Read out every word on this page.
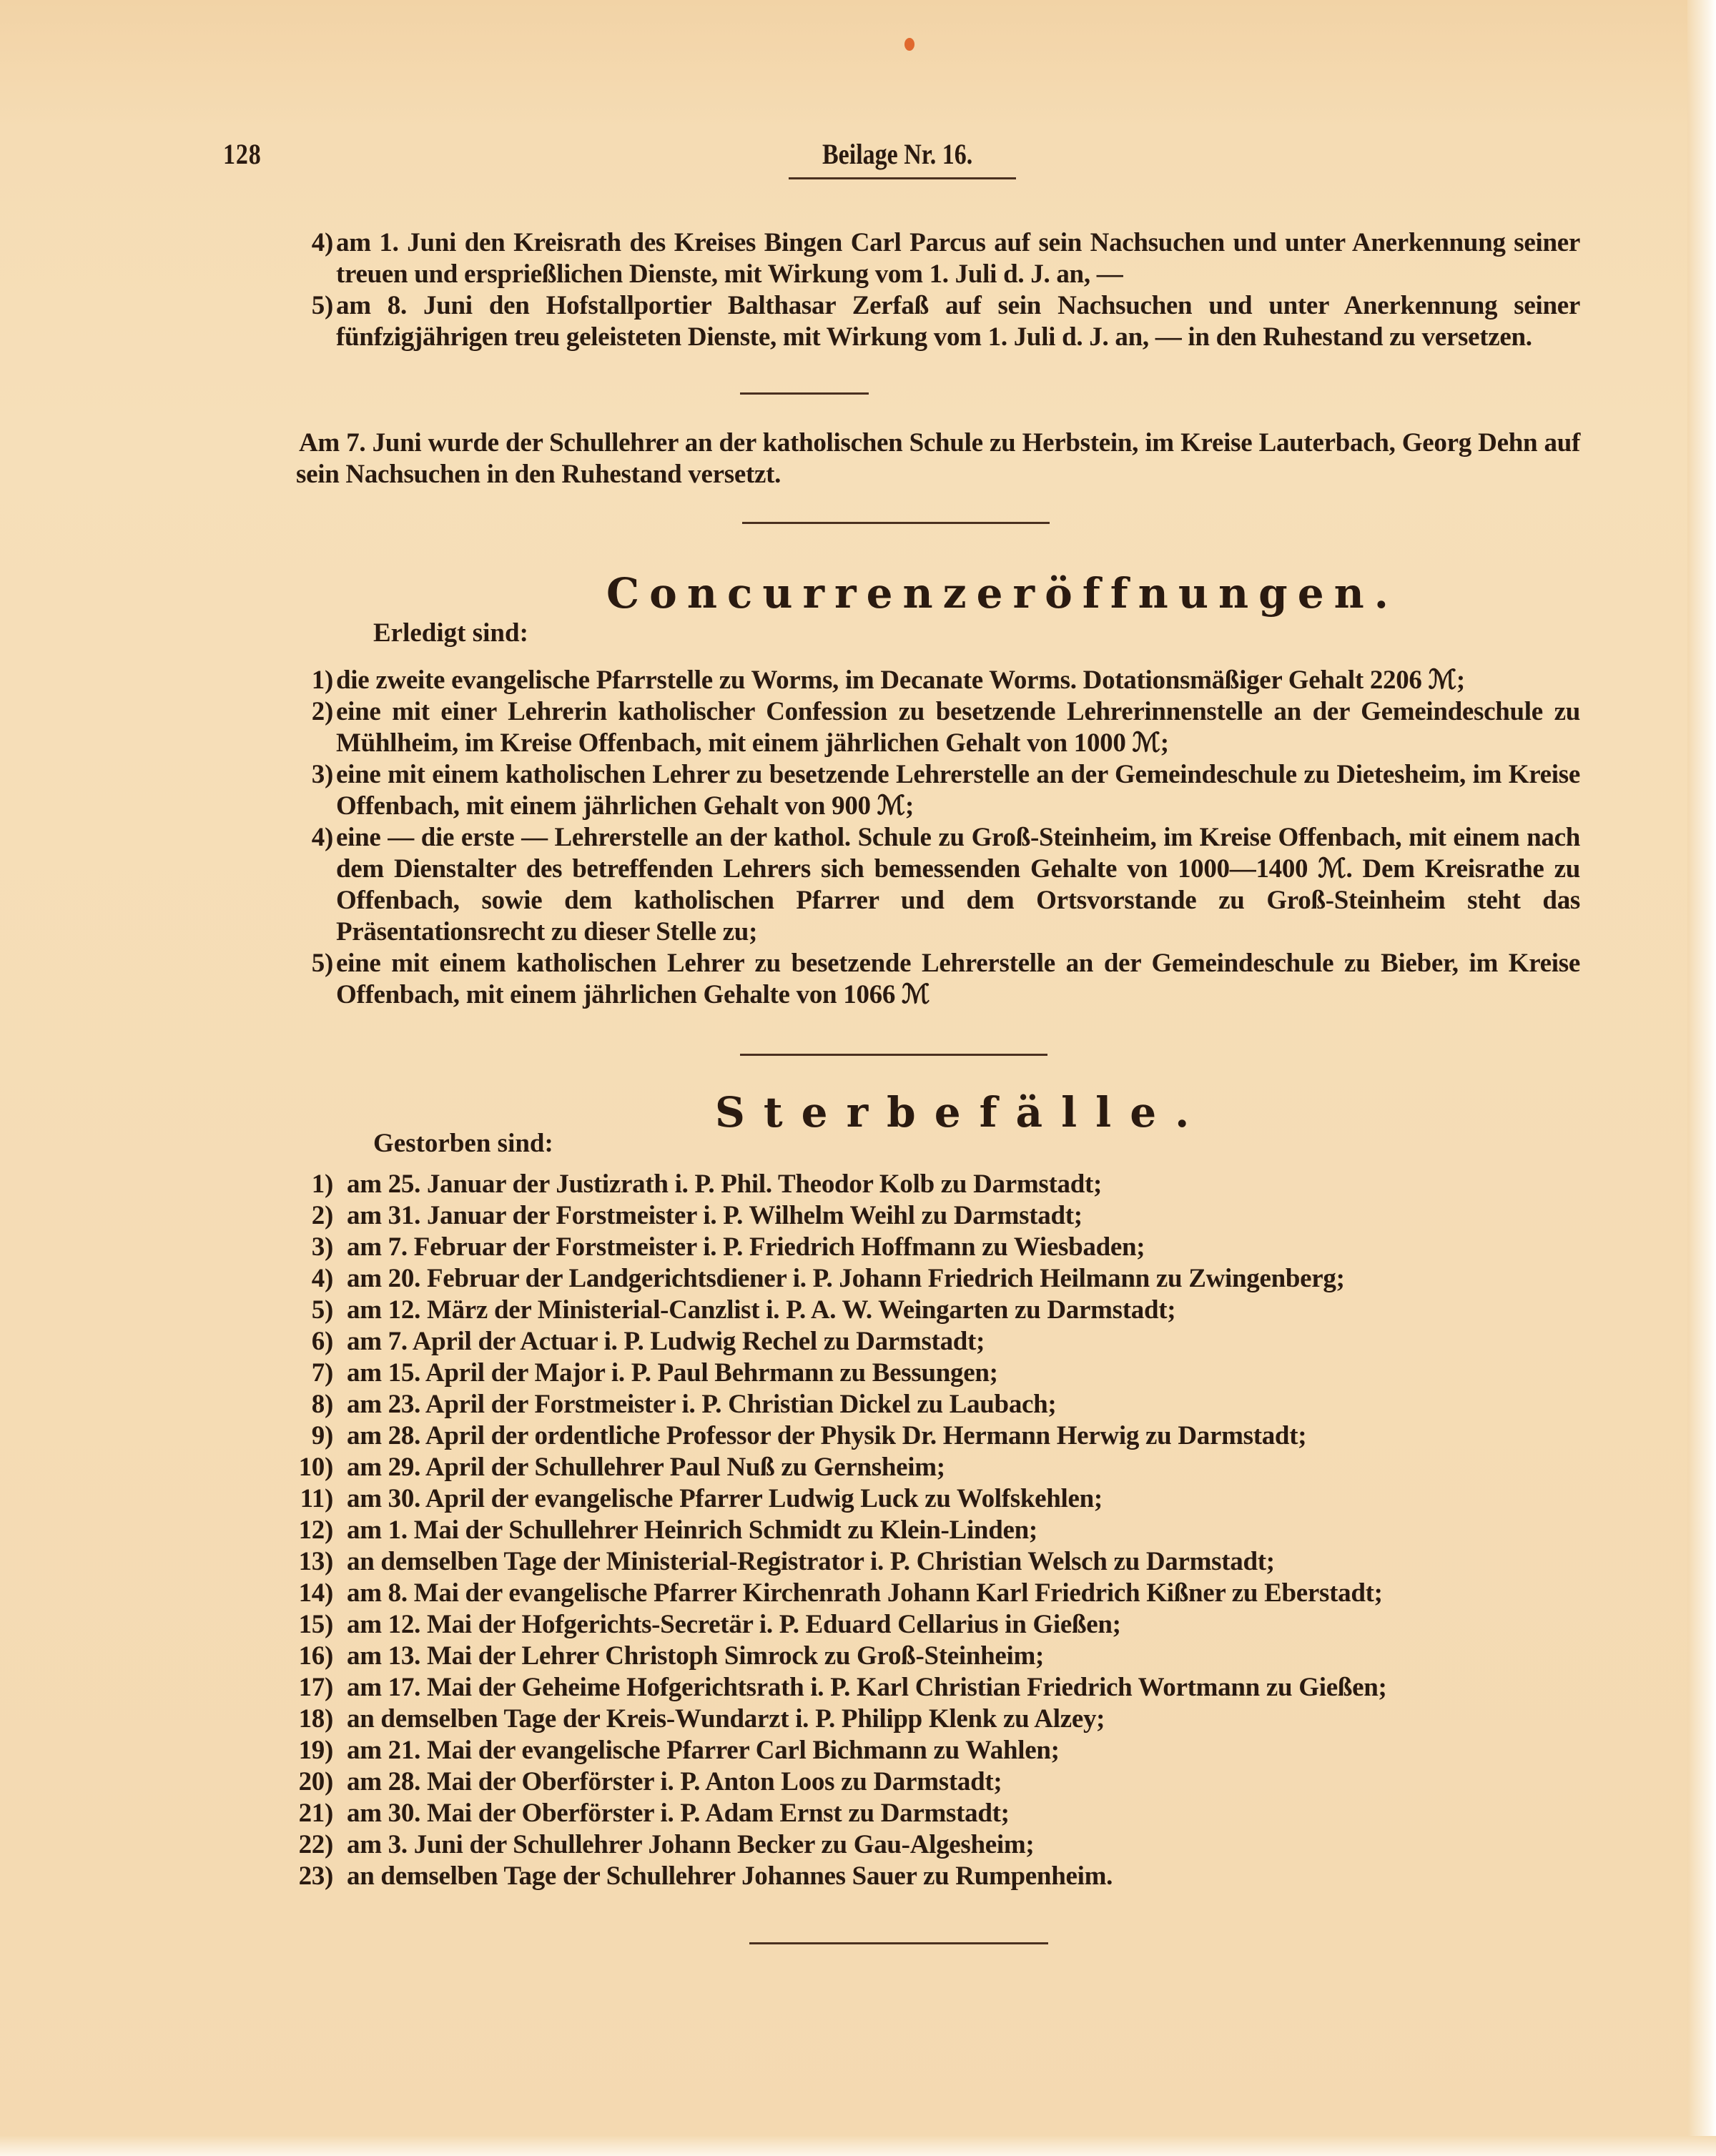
128	Beilage Nr. 16.
4) am 1. Juni den Kreisrath des Kreises Bingen Carl Parcus auf sein Nachsuchen und unter Anerkennung seiner treuen und ersprießlichen Dienste, mit Wirkung vom 1. Juli d. J. an, —
5) am 8. Juni den Hofstallportier Balthasar Zerfaß auf sein Nachsuchen und unter Anerkennung seiner fünfzigjährigen treu geleisteten Dienste, mit Wirkung vom 1. Juli d. J. an, — in den Ruhestand zu versetzen.
Am 7. Juni wurde der Schullehrer an der katholischen Schule zu Herbstein, im Kreise Lauterbach, Georg Dehn auf sein Nachsuchen in den Ruhestand versetzt.
Concurrenzeröffnungen.
Erledigt sind:
1) die zweite evangelische Pfarrstelle zu Worms, im Decanate Worms. Dotationsmäßiger Gehalt 2206 ℳ;
2) eine mit einer Lehrerin katholischer Confession zu besetzende Lehrerinnenstelle an der Gemeindeschule zu Mühlheim, im Kreise Offenbach, mit einem jährlichen Gehalt von 1000 ℳ;
3) eine mit einem katholischen Lehrer zu besetzende Lehrerstelle an der Gemeindeschule zu Dietesheim, im Kreise Offenbach, mit einem jährlichen Gehalt von 900 ℳ;
4) eine — die erste — Lehrerstelle an der kathol. Schule zu Groß-Steinheim, im Kreise Offenbach, mit einem nach dem Dienstalter des betreffenden Lehrers sich bemessenden Gehalte von 1000—1400 ℳ. Dem Kreisrathe zu Offenbach, sowie dem katholischen Pfarrer und dem Ortsvorstande zu Groß-Steinheim steht das Präsentationsrecht zu dieser Stelle zu;
5) eine mit einem katholischen Lehrer zu besetzende Lehrerstelle an der Gemeindeschule zu Bieber, im Kreise Offenbach, mit einem jährlichen Gehalte von 1066 ℳ
Sterbefälle.
Gestorben sind:
1) am 25. Januar der Justizrath i. P. Phil. Theodor Kolb zu Darmstadt;
2) am 31. Januar der Forstmeister i. P. Wilhelm Weihl zu Darmstadt;
3) am 7. Februar der Forstmeister i. P. Friedrich Hoffmann zu Wiesbaden;
4) am 20. Februar der Landgerichtsdiener i. P. Johann Friedrich Heilmann zu Zwingenberg;
5) am 12. März der Ministerial-Canzlist i. P. A. W. Weingarten zu Darmstadt;
6) am 7. April der Actuar i. P. Ludwig Rechel zu Darmstadt;
7) am 15. April der Major i. P. Paul Behrmann zu Bessungen;
8) am 23. April der Forstmeister i. P. Christian Dickel zu Laubach;
9) am 28. April der ordentliche Professor der Physik Dr. Hermann Herwig zu Darmstadt;
10) am 29. April der Schullehrer Paul Nuß zu Gernsheim;
11) am 30. April der evangelische Pfarrer Ludwig Luck zu Wolfskehlen;
12) am 1. Mai der Schullehrer Heinrich Schmidt zu Klein-Linden;
13) an demselben Tage der Ministerial-Registrator i. P. Christian Welsch zu Darmstadt;
14) am 8. Mai der evangelische Pfarrer Kirchenrath Johann Karl Friedrich Kißner zu Eberstadt;
15) am 12. Mai der Hofgerichts-Secretär i. P. Eduard Cellarius in Gießen;
16) am 13. Mai der Lehrer Christoph Simrock zu Groß-Steinheim;
17) am 17. Mai der Geheime Hofgerichtsrath i. P. Karl Christian Friedrich Wortmann zu Gießen;
18) an demselben Tage der Kreis-Wundarzt i. P. Philipp Klenk zu Alzey;
19) am 21. Mai der evangelische Pfarrer Carl Bichmann zu Wahlen;
20) am 28. Mai der Oberförster i. P. Anton Loos zu Darmstadt;
21) am 30. Mai der Oberförster i. P. Adam Ernst zu Darmstadt;
22) am 3. Juni der Schullehrer Johann Becker zu Gau-Algesheim;
23) an demselben Tage der Schullehrer Johannes Sauer zu Rumpenheim.
